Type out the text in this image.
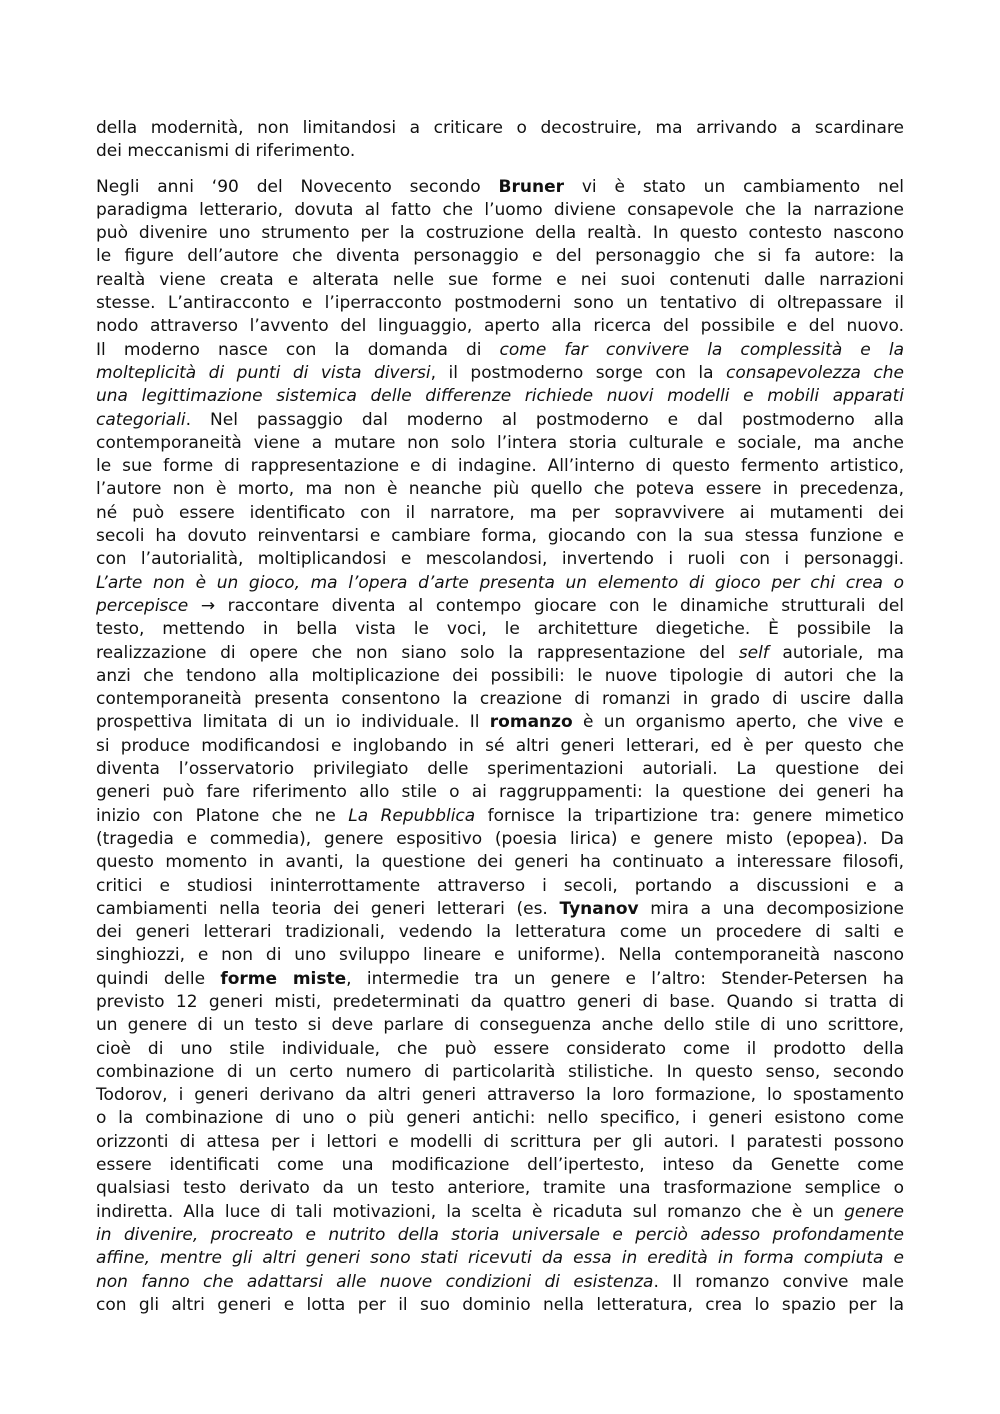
della modernità, non limitandosi a criticare o decostruire, ma arrivando a scardinare
dei meccanismi di riferimento.

Negli anni ‘90 del Novecento secondo Bruner vi è stato un cambiamento nel
paradigma letterario, dovuta al fatto che l’uomo diviene consapevole che la narrazione
può divenire uno strumento per la costruzione della realtà. In questo contesto nascono
le figure dell’autore che diventa personaggio e del personaggio che si fa autore: la
realtà viene creata e alterata nelle sue forme e nei suoi contenuti dalle narrazioni
stesse. L’antiracconto e l’iperracconto postmoderni sono un tentativo di oltrepassare il
nodo attraverso l’avvento del linguaggio, aperto alla ricerca del possibile e del nuovo.
Il moderno nasce con la domanda di come far convivere la complessità e la
molteplicità di punti di vista diversi, il postmoderno sorge con la consapevolezza che
una legittimazione sistemica delle differenze richiede nuovi modelli e mobili apparati
categoriali. Nel passaggio dal moderno al postmoderno e dal postmoderno alla
contemporaneità viene a mutare non solo l’intera storia culturale e sociale, ma anche
le sue forme di rappresentazione e di indagine. All’interno di questo fermento artistico,
l’autore non è morto, ma non è neanche più quello che poteva essere in precedenza,
né può essere identificato con il narratore, ma per sopravvivere ai mutamenti dei
secoli ha dovuto reinventarsi e cambiare forma, giocando con la sua stessa funzione e
con l’autorialità, moltiplicandosi e mescolandosi, invertendo i ruoli con i personaggi.
L’arte non è un gioco, ma l’opera d’arte presenta un elemento di gioco per chi crea o
percepisce → raccontare diventa al contempo giocare con le dinamiche strutturali del
testo, mettendo in bella vista le voci, le architetture diegetiche. È possibile la
realizzazione di opere che non siano solo la rappresentazione del self autoriale, ma
anzi che tendono alla moltiplicazione dei possibili: le nuove tipologie di autori che la
contemporaneità presenta consentono la creazione di romanzi in grado di uscire dalla
prospettiva limitata di un io individuale. Il romanzo è un organismo aperto, che vive e
si produce modificandosi e inglobando in sé altri generi letterari, ed è per questo che
diventa l’osservatorio privilegiato delle sperimentazioni autoriali. La questione dei
generi può fare riferimento allo stile o ai raggruppamenti: la questione dei generi ha
inizio con Platone che ne La Repubblica fornisce la tripartizione tra: genere mimetico
(tragedia e commedia), genere espositivo (poesia lirica) e genere misto (epopea). Da
questo momento in avanti, la questione dei generi ha continuato a interessare filosofi,
critici e studiosi ininterrottamente attraverso i secoli, portando a discussioni e a
cambiamenti nella teoria dei generi letterari (es. Tynanov mira a una decomposizione
dei generi letterari tradizionali, vedendo la letteratura come un procedere di salti e
singhiozzi, e non di uno sviluppo lineare e uniforme). Nella contemporaneità nascono
quindi delle forme miste, intermedie tra un genere e l’altro: Stender-Petersen ha
previsto 12 generi misti, predeterminati da quattro generi di base. Quando si tratta di
un genere di un testo si deve parlare di conseguenza anche dello stile di uno scrittore,
cioè di uno stile individuale, che può essere considerato come il prodotto della
combinazione di un certo numero di particolarità stilistiche. In questo senso, secondo
Todorov, i generi derivano da altri generi attraverso la loro formazione, lo spostamento
o la combinazione di uno o più generi antichi: nello specifico, i generi esistono come
orizzonti di attesa per i lettori e modelli di scrittura per gli autori. I paratesti possono
essere identificati come una modificazione dell’ipertesto, inteso da Genette come
qualsiasi testo derivato da un testo anteriore, tramite una trasformazione semplice o
indiretta. Alla luce di tali motivazioni, la scelta è ricaduta sul romanzo che è un genere
in divenire, procreato e nutrito della storia universale e perciò adesso profondamente
affine, mentre gli altri generi sono stati ricevuti da essa in eredità in forma compiuta e
non fanno che adattarsi alle nuove condizioni di esistenza. Il romanzo convive male
con gli altri generi e lotta per il suo dominio nella letteratura, crea lo spazio per la
